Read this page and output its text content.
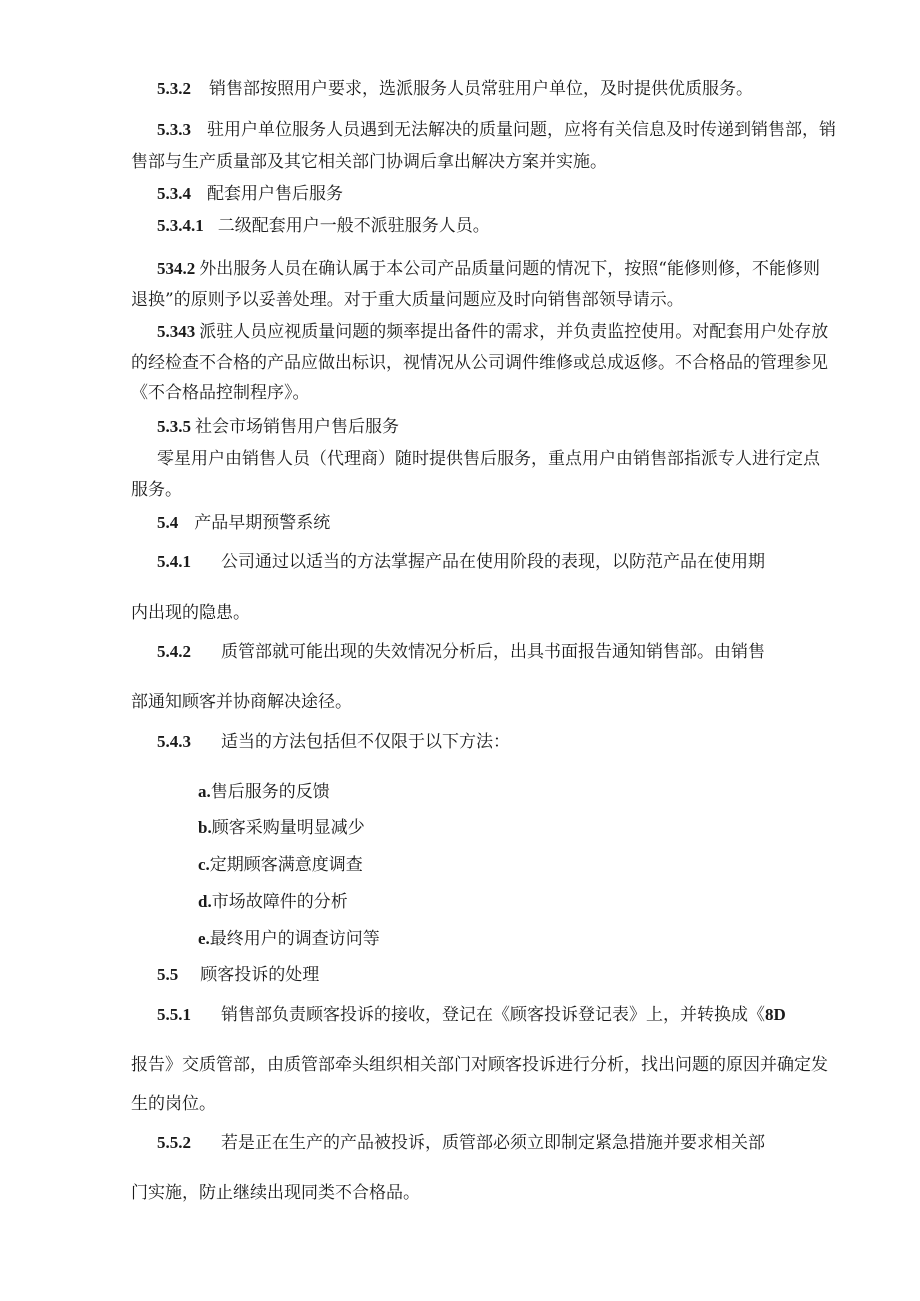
5.3.2 销售部按照用户要求，选派服务人员常驻用户单位，及时提供优质服务。
5.3.3 驻用户单位服务人员遇到无法解决的质量问题，应将有关信息及时传递到销售部，销
售部与生产质量部及其它相关部门协调后拿出解决方案并实施。
5.3.4 配套用户售后服务
5.3.4.1 二级配套用户一般不派驻服务人员。
534.2 外出服务人员在确认属于本公司产品质量问题的情况下，按照“能修则修，不能修则
退换”的原则予以妥善处理。对于重大质量问题应及时向销售部领导请示。
5.343 派驻人员应视质量问题的频率提出备件的需求，并负责监控使用。对配套用户处存放
的经检查不合格的产品应做出标识，视情况从公司调件维修或总成返修。不合格品的管理参见
《不合格品控制程序》。
5.3.5 社会市场销售用户售后服务
零星用户由销售人员（代理商）随时提供售后服务，重点用户由销售部指派专人进行定点
服务。
5.4 产品早期预警系统
5.4.1 公司通过以适当的方法掌握产品在使用阶段的表现，以防范产品在使用期
内出现的隐患。
5.4.2 质管部就可能出现的失效情况分析后，出具书面报告通知销售部。由销售
部通知顾客并协商解决途径。
5.4.3 适当的方法包括但不仅限于以下方法：
a.售后服务的反馈
b.顾客采购量明显减少
c.定期顾客满意度调查
d.市场故障件的分析
e.最终用户的调查访问等
5.5 顾客投诉的处理
5.5.1 销售部负责顾客投诉的接收，登记在《顾客投诉登记表》上，并转换成《8D
报告》交质管部，由质管部牵头组织相关部门对顾客投诉进行分析，找出问题的原因并确定发
生的岗位。
5.5.2 若是正在生产的产品被投诉，质管部必须立即制定紧急措施并要求相关部
门实施，防止继续出现同类不合格品。
